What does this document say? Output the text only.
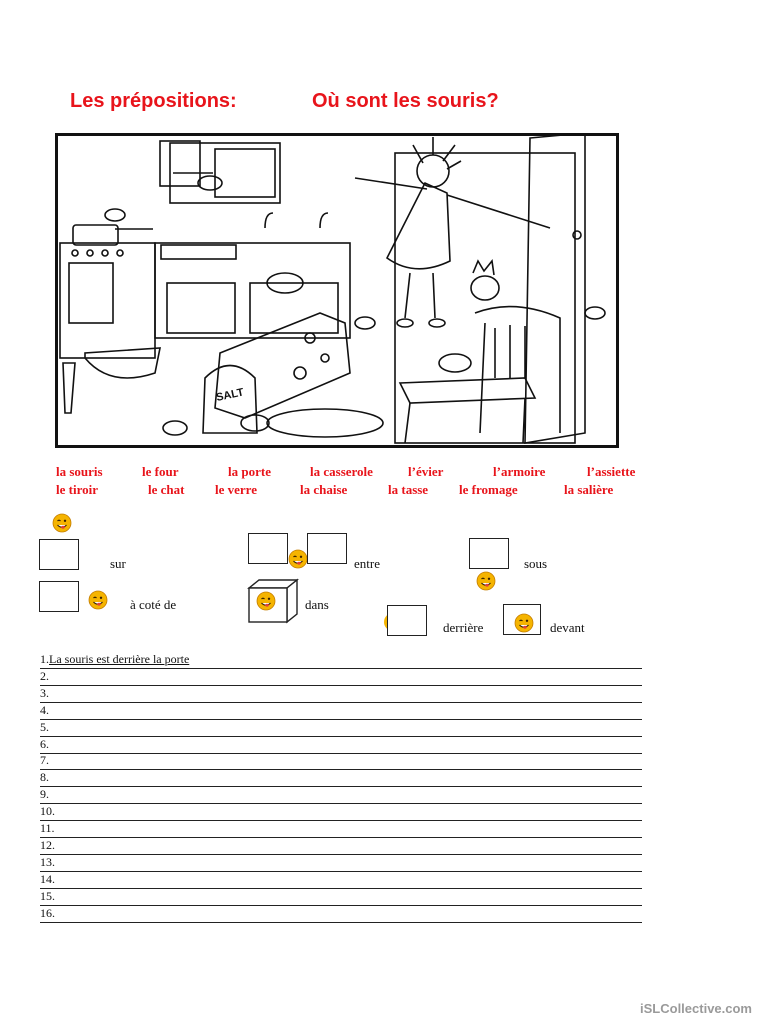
Les prépositions:	Où sont les souris?
SALT
la souris	le four	la porte	la casserole	l’évier	l’armoire	l’assiette
le tiroir	le chat le verre	la chaise	la tasse le fromage	la salière
sur	entre	sous
à coté de	dans
derrière	devant
1.La souris est derrière la porte
2.
3.
4.
5.
6.
7.
8.
9.
10.
11.
12.
13.
14.
15.
16.
iSLCollective.com
